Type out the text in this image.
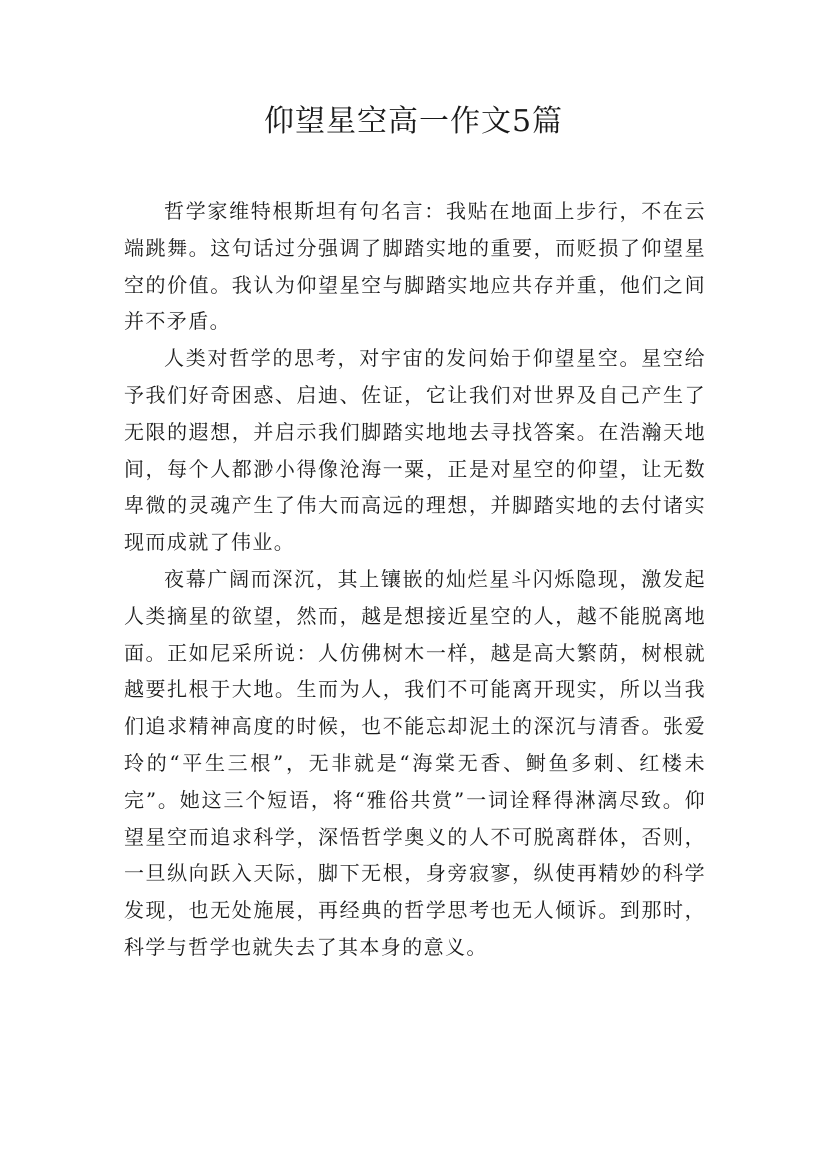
仰望星空高一作文5篇

哲学家维特根斯坦有句名言：我贴在地面上步行，不在云端跳舞。这句话过分强调了脚踏实地的重要，而贬损了仰望星空的价值。我认为仰望星空与脚踏实地应共存并重，他们之间并不矛盾。

人类对哲学的思考，对宇宙的发问始于仰望星空。星空给予我们好奇困惑、启迪、佐证，它让我们对世界及自己产生了无限的遐想，并启示我们脚踏实地地去寻找答案。在浩瀚天地间，每个人都渺小得像沧海一粟，正是对星空的仰望，让无数卑微的灵魂产生了伟大而高远的理想，并脚踏实地的去付诸实现而成就了伟业。

夜幕广阔而深沉，其上镶嵌的灿烂星斗闪烁隐现，激发起人类摘星的欲望，然而，越是想接近星空的人，越不能脱离地面。正如尼采所说：人仿佛树木一样，越是高大繁荫，树根就越要扎根于大地。生而为人，我们不可能离开现实，所以当我们追求精神高度的时候，也不能忘却泥土的深沉与清香。张爱玲的“平生三根”，无非就是“海棠无香、鲥鱼多刺、红楼未完”。她这三个短语，将“雅俗共赏”一词诠释得淋漓尽致。仰望星空而追求科学，深悟哲学奥义的人不可脱离群体，否则，一旦纵向跃入天际，脚下无根，身旁寂寥，纵使再精妙的科学发现，也无处施展，再经典的哲学思考也无人倾诉。到那时，科学与哲学也就失去了其本身的意义。
